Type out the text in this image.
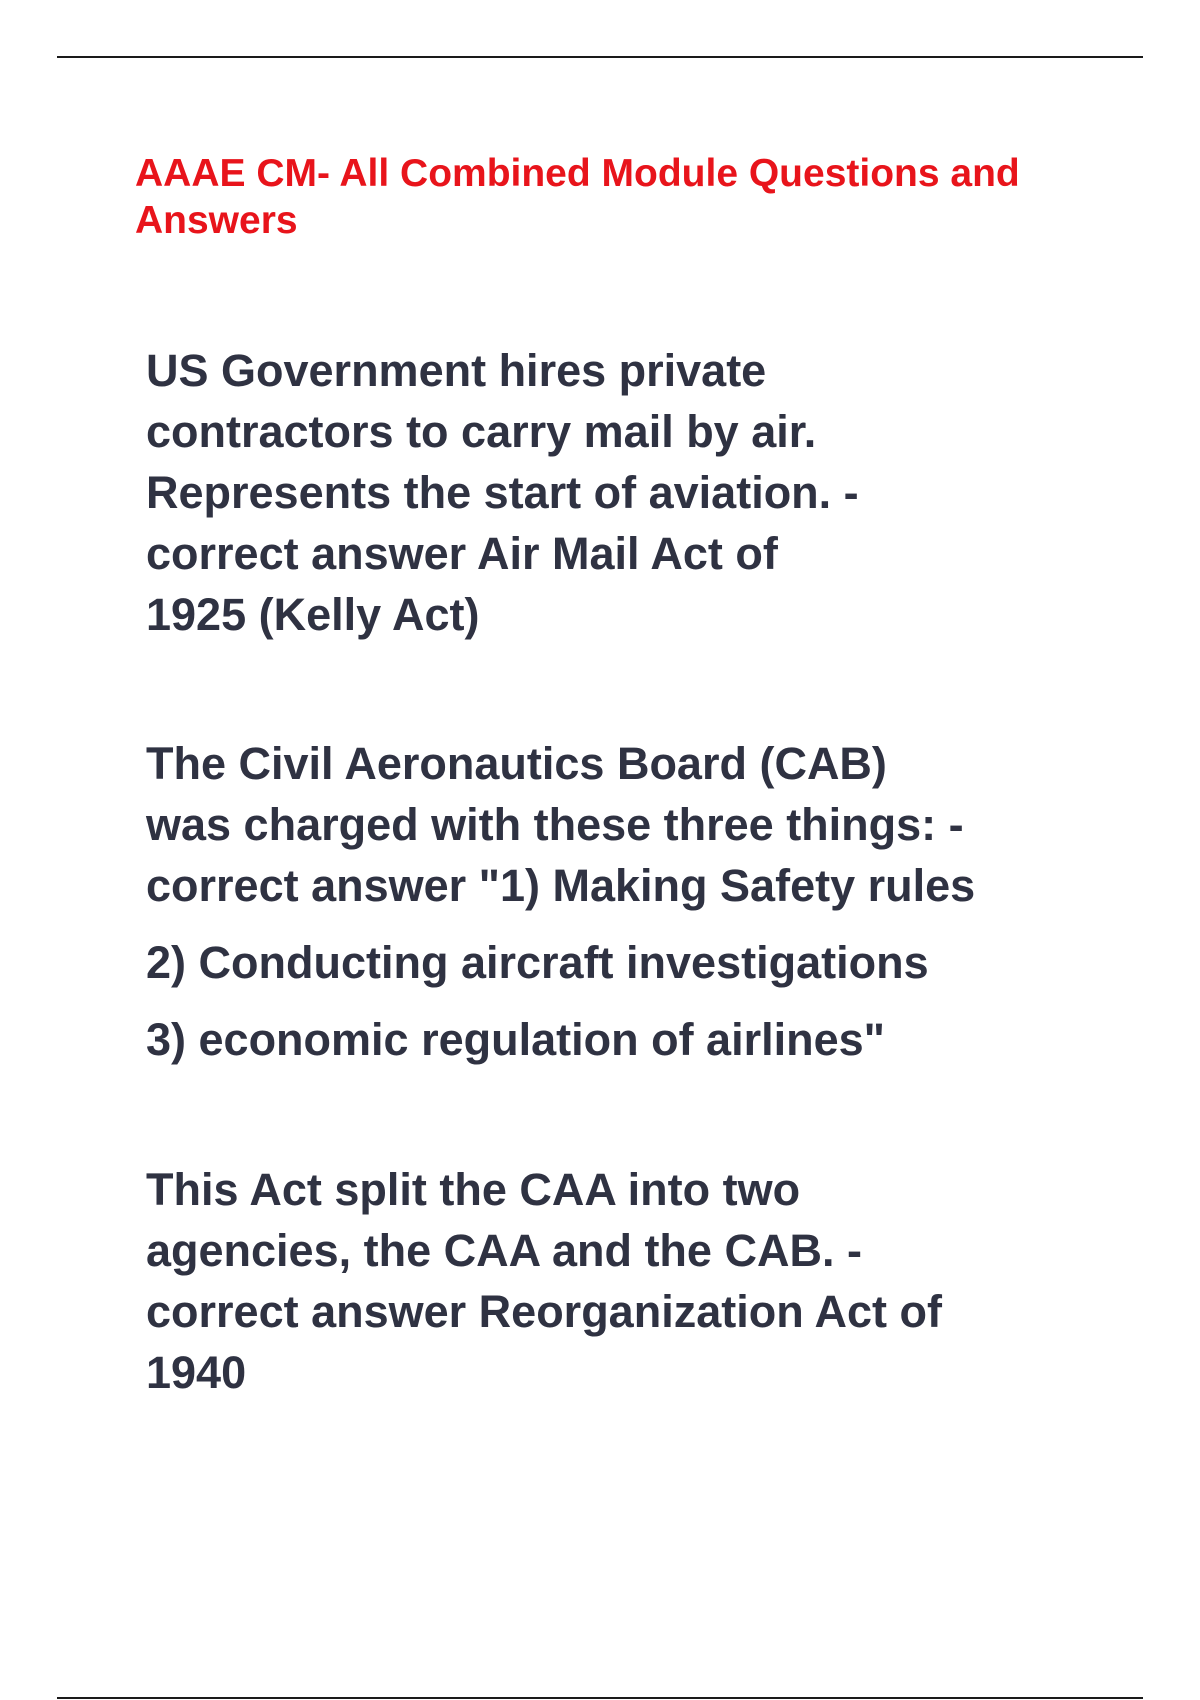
AAAE CM- All Combined Module Questions and Answers
US Government hires private
contractors to carry mail by air.
Represents the start of aviation. -
correct answer Air Mail Act of
1925 (Kelly Act)
The Civil Aeronautics Board (CAB)
was charged with these three things: -
correct answer "1) Making Safety rules
2) Conducting aircraft investigations
3) economic regulation of airlines"
This Act split the CAA into two
agencies, the CAA and the CAB. -
correct answer Reorganization Act of
1940
